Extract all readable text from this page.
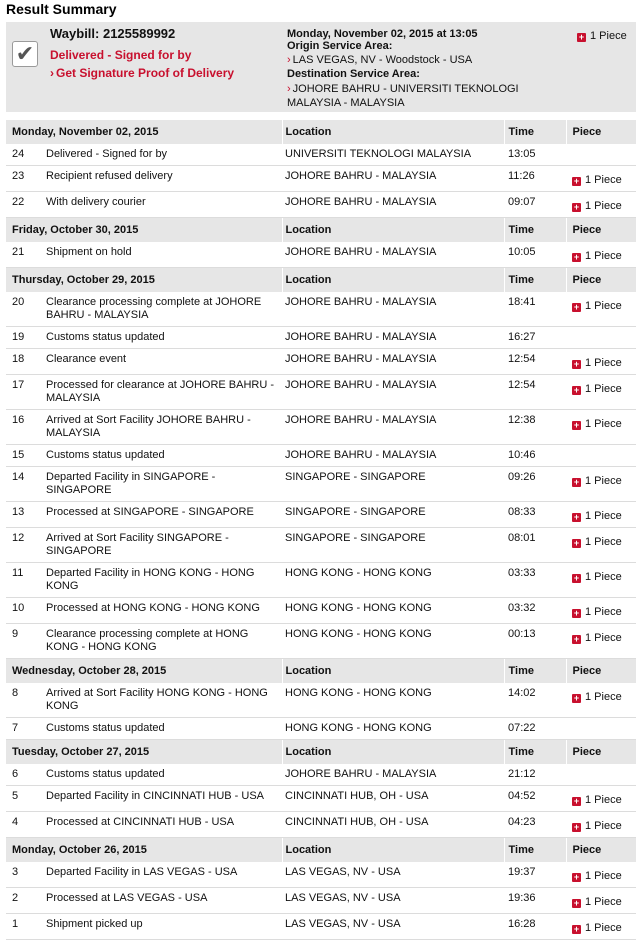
Result Summary
✔
Waybill: 2125589992
Delivered - Signed for by
› Get Signature Proof of Delivery
Monday, November 02, 2015 at 13:05
Origin Service Area:
› LAS VEGAS, NV - Woodstock - USA
Destination Service Area:
› JOHORE BAHRU - UNIVERSITI TEKNOLOGI MALAYSIA - MALAYSIA
+ 1 Piece
Monday, November 02, 2015		Location	Time	Piece
24	Delivered - Signed for by	UNIVERSITI TEKNOLOGI MALAYSIA	13:05	
23	Recipient refused delivery	JOHORE BAHRU - MALAYSIA	11:26	+ 1 Piece
22	With delivery courier	JOHORE BAHRU - MALAYSIA	09:07	+ 1 Piece
Friday, October 30, 2015		Location	Time	Piece
21	Shipment on hold	JOHORE BAHRU - MALAYSIA	10:05	+ 1 Piece
Thursday, October 29, 2015		Location	Time	Piece
20	Clearance processing complete at JOHORE BAHRU - MALAYSIA	JOHORE BAHRU - MALAYSIA	18:41	+ 1 Piece
19	Customs status updated	JOHORE BAHRU - MALAYSIA	16:27	
18	Clearance event	JOHORE BAHRU - MALAYSIA	12:54	+ 1 Piece
17	Processed for clearance at JOHORE BAHRU - MALAYSIA	JOHORE BAHRU - MALAYSIA	12:54	+ 1 Piece
16	Arrived at Sort Facility JOHORE BAHRU - MALAYSIA	JOHORE BAHRU - MALAYSIA	12:38	+ 1 Piece
15	Customs status updated	JOHORE BAHRU - MALAYSIA	10:46	
14	Departed Facility in SINGAPORE - SINGAPORE	SINGAPORE - SINGAPORE	09:26	+ 1 Piece
13	Processed at SINGAPORE - SINGAPORE	SINGAPORE - SINGAPORE	08:33	+ 1 Piece
12	Arrived at Sort Facility SINGAPORE - SINGAPORE	SINGAPORE - SINGAPORE	08:01	+ 1 Piece
11	Departed Facility in HONG KONG - HONG KONG	HONG KONG - HONG KONG	03:33	+ 1 Piece
10	Processed at HONG KONG - HONG KONG	HONG KONG - HONG KONG	03:32	+ 1 Piece
9	Clearance processing complete at HONG KONG - HONG KONG	HONG KONG - HONG KONG	00:13	+ 1 Piece
Wednesday, October 28, 2015		Location	Time	Piece
8	Arrived at Sort Facility HONG KONG - HONG KONG	HONG KONG - HONG KONG	14:02	+ 1 Piece
7	Customs status updated	HONG KONG - HONG KONG	07:22	
Tuesday, October 27, 2015		Location	Time	Piece
6	Customs status updated	JOHORE BAHRU - MALAYSIA	21:12	
5	Departed Facility in CINCINNATI HUB - USA	CINCINNATI HUB, OH - USA	04:52	+ 1 Piece
4	Processed at CINCINNATI HUB - USA	CINCINNATI HUB, OH - USA	04:23	+ 1 Piece
Monday, October 26, 2015		Location	Time	Piece
3	Departed Facility in LAS VEGAS - USA	LAS VEGAS, NV - USA	19:37	+ 1 Piece
2	Processed at LAS VEGAS - USA	LAS VEGAS, NV - USA	19:36	+ 1 Piece
1	Shipment picked up	LAS VEGAS, NV - USA	16:28	+ 1 Piece
